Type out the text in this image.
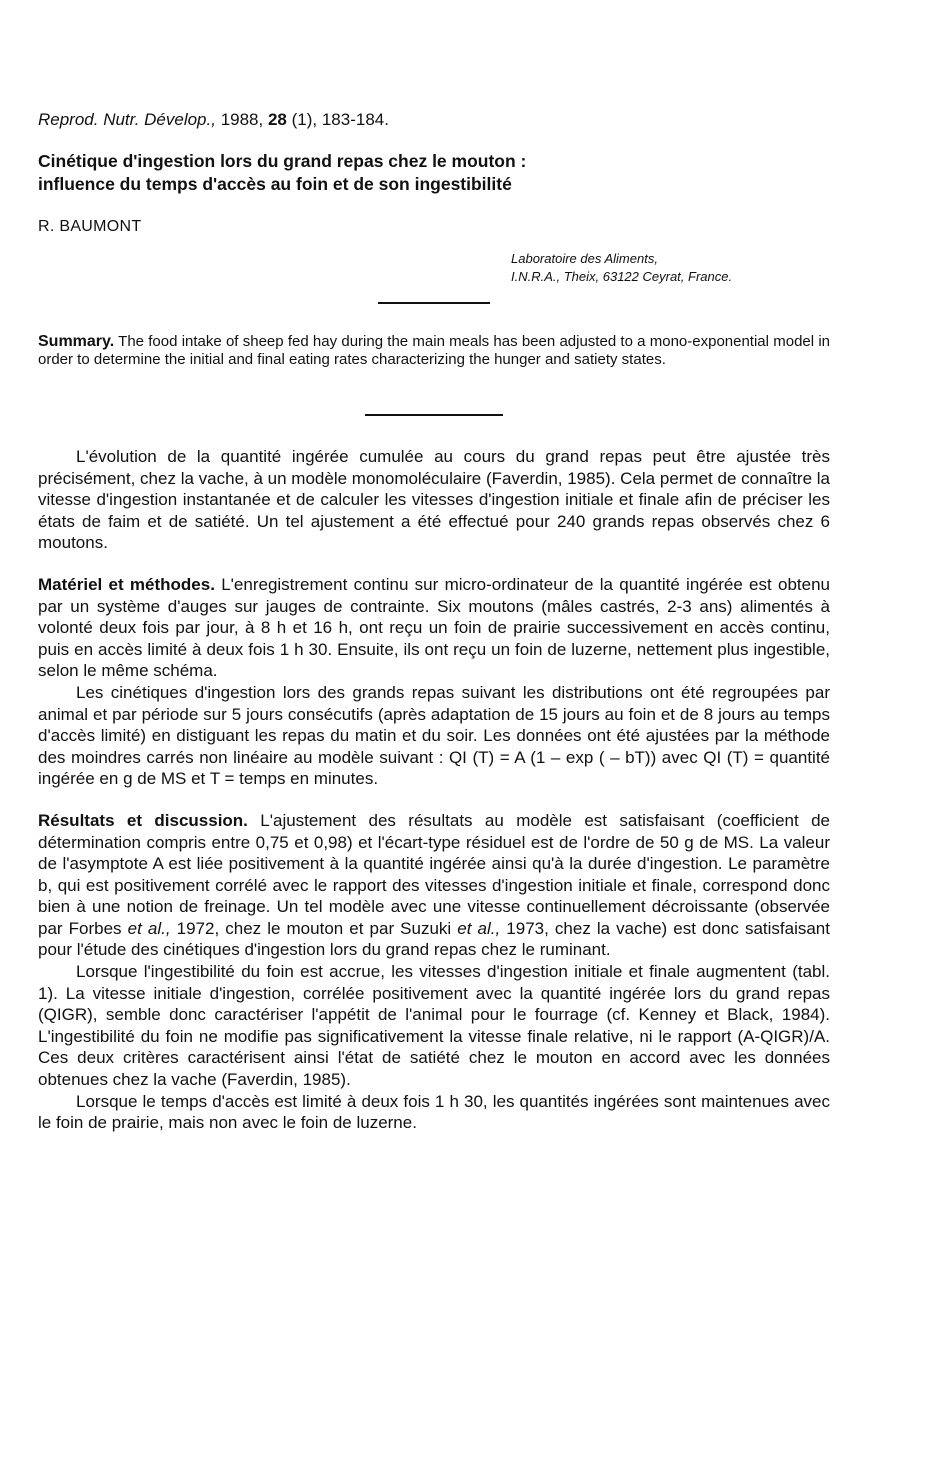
Reprod. Nutr. Dévelop., 1988, 28 (1), 183-184.
Cinétique d'ingestion lors du grand repas chez le mouton :
influence du temps d'accès au foin et de son ingestibilité
R. BAUMONT
Laboratoire des Aliments,
I.N.R.A., Theix, 63122 Ceyrat, France.
Summary. The food intake of sheep fed hay during the main meals has been adjusted to a mono-exponential model in order to determine the initial and final eating rates characterizing the hunger and satiety states.

L'évolution de la quantité ingérée cumulée au cours du grand repas peut être ajustée très précisément, chez la vache, à un modèle monomoléculaire (Faverdin, 1985). Cela permet de connaître la vitesse d'ingestion instantanée et de calculer les vitesses d'ingestion initiale et finale afin de préciser les états de faim et de satiété. Un tel ajustement a été effectué pour 240 grands repas observés chez 6 moutons.

Matériel et méthodes. L'enregistrement continu sur micro-ordinateur de la quantité ingérée est obtenu par un système d'auges sur jauges de contrainte. Six moutons (mâles castrés, 2-3 ans) alimentés à volonté deux fois par jour, à 8 h et 16 h, ont reçu un foin de prairie successivement en accès continu, puis en accès limité à deux fois 1 h 30. Ensuite, ils ont reçu un foin de luzerne, nettement plus ingestible, selon le même schéma.

Les cinétiques d'ingestion lors des grands repas suivant les distributions ont été regroupées par animal et par période sur 5 jours consécutifs (après adaptation de 15 jours au foin et de 8 jours au temps d'accès limité) en distiguant les repas du matin et du soir. Les données ont été ajustées par la méthode des moindres carrés non linéaire au modèle suivant : QI (T) = A (1 – exp ( – bT)) avec QI (T) = quantité ingérée en g de MS et T = temps en minutes.

Résultats et discussion. L'ajustement des résultats au modèle est satisfaisant (coefficient de détermination compris entre 0,75 et 0,98) et l'écart-type résiduel est de l'ordre de 50 g de MS. La valeur de l'asymptote A est liée positivement à la quantité ingérée ainsi qu'à la durée d'ingestion. Le paramètre b, qui est positivement corrélé avec le rapport des vitesses d'ingestion initiale et finale, correspond donc bien à une notion de freinage. Un tel modèle avec une vitesse continuellement décroissante (observée par Forbes et al., 1972, chez le mouton et par Suzuki et al., 1973, chez la vache) est donc satisfaisant pour l'étude des cinétiques d'ingestion lors du grand repas chez le ruminant.

Lorsque l'ingestibilité du foin est accrue, les vitesses d'ingestion initiale et finale augmentent (tabl. 1). La vitesse initiale d'ingestion, corrélée positivement avec la quantité ingérée lors du grand repas (QIGR), semble donc caractériser l'appétit de l'animal pour le fourrage (cf. Kenney et Black, 1984). L'ingestibilité du foin ne modifie pas significativement la vitesse finale relative, ni le rapport (A-QIGR)/A. Ces deux critères caractérisent ainsi l'état de satiété chez le mouton en accord avec les données obtenues chez la vache (Faverdin, 1985).

Lorsque le temps d'accès est limité à deux fois 1 h 30, les quantités ingérées sont maintenues avec le foin de prairie, mais non avec le foin de luzerne.
